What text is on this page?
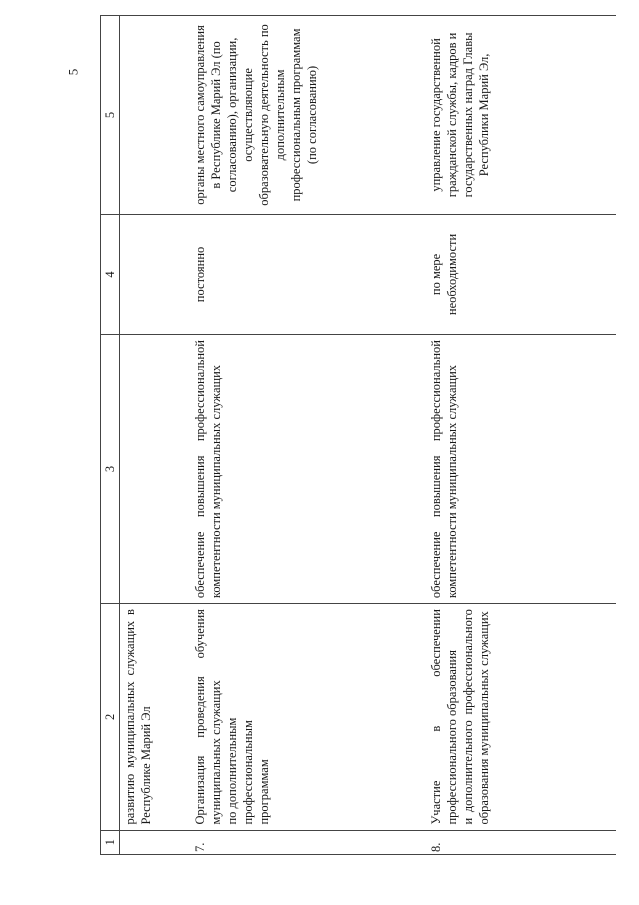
5
1	2	3	4	5
	развитию муниципальных служащих в Республике Марий Эл			
7.	Организация проведения обучения муниципальных служащих
по дополнительным
профессиональным
программам	обеспечение повышения профессиональной компетентности муниципальных служащих	постоянно	органы местного самоуправления в Республике Марий Эл (по согласованию), организации, осуществляющие образовательную деятельность по дополнительным профессиональным программам (по согласованию)
8.	Участие в обеспечении профессионального образования
и дополнительного профессионального образования муниципальных служащих	обеспечение повышения профессиональной компетентности муниципальных служащих	по мере необходимости	управление государственной гражданской службы, кадров и государственных наград Главы Республики Марий Эл,
